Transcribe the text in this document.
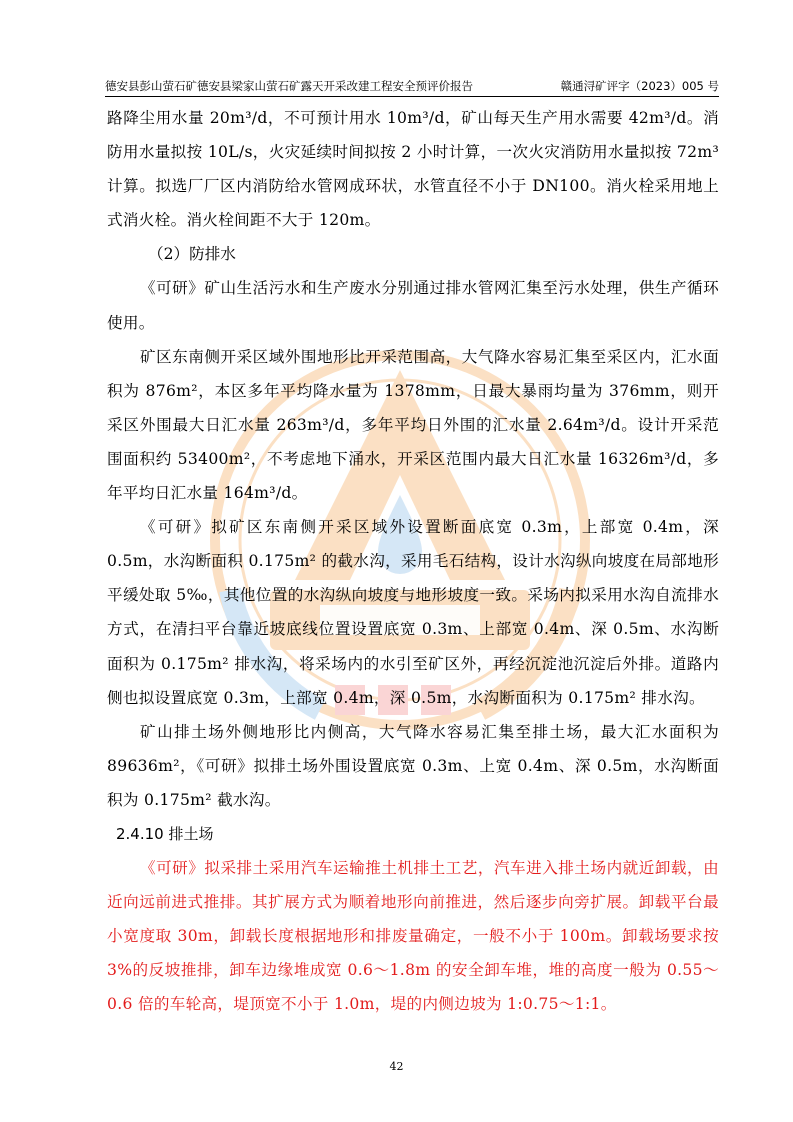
德安县彭山萤石矿德安县梁家山萤石矿露天开采改建工程安全预评价报告	赣通浔矿评字（2023）005 号

路降尘用水量 20m³/d，不可预计用水 10m³/d，矿山每天生产用水需要 42m³/d。消防用水量拟按 10L/s，火灾延续时间拟按 2 小时计算，一次火灾消防用水量拟按 72m³ 计算。拟选厂厂区内消防给水管网成环状，水管直径不小于 DN100。消火栓采用地上式消火栓。消火栓间距不大于 120m。

（2）防排水

《可研》矿山生活污水和生产废水分别通过排水管网汇集至污水处理，供生产循环使用。

矿区东南侧开采区域外围地形比开采范围高，大气降水容易汇集至采区内，汇水面积为 876m²，本区多年平均降水量为 1378mm，日最大暴雨均量为 376mm，则开采区外围最大日汇水量 263m³/d，多年平均日外围的汇水量 2.64m³/d。设计开采范围面积约 53400m²，不考虑地下涌水，开采区范围内最大日汇水量 16326m³/d，多年平均日汇水量 164m³/d。

《可研》拟矿区东南侧开采区域外设置断面底宽 0.3m，上部宽 0.4m，深 0.5m，水沟断面积 0.175m² 的截水沟，采用毛石结构，设计水沟纵向坡度在局部地形平缓处取 5‰，其他位置的水沟纵向坡度与地形坡度一致。采场内拟采用水沟自流排水方式，在清扫平台靠近坡底线位置设置底宽 0.3m、上部宽 0.4m、深 0.5m、水沟断面积为 0.175m² 排水沟，将采场内的水引至矿区外，再经沉淀池沉淀后外排。道路内侧也拟设置底宽 0.3m，上部宽 0.4m，深 0.5m，水沟断面积为 0.175m² 排水沟。

矿山排土场外侧地形比内侧高，大气降水容易汇集至排土场，最大汇水面积为 89636m²，《可研》拟排土场外围设置底宽 0.3m、上宽 0.4m、深 0.5m，水沟断面积为 0.175m² 截水沟。

2.4.10 排土场

《可研》拟采排土采用汽车运输推土机排土工艺，汽车进入排土场内就近卸载，由近向远前进式推排。其扩展方式为顺着地形向前推进，然后逐步向旁扩展。卸载平台最小宽度取 30m，卸载长度根据地形和排废量确定，一般不小于 100m。卸载场要求按 3%的反坡推排，卸车边缘堆成宽 0.6～1.8m 的安全卸车堆，堆的高度一般为 0.55～0.6 倍的车轮高，堤顶宽不小于 1.0m，堤的内侧边坡为 1:0.75～1:1。

42
